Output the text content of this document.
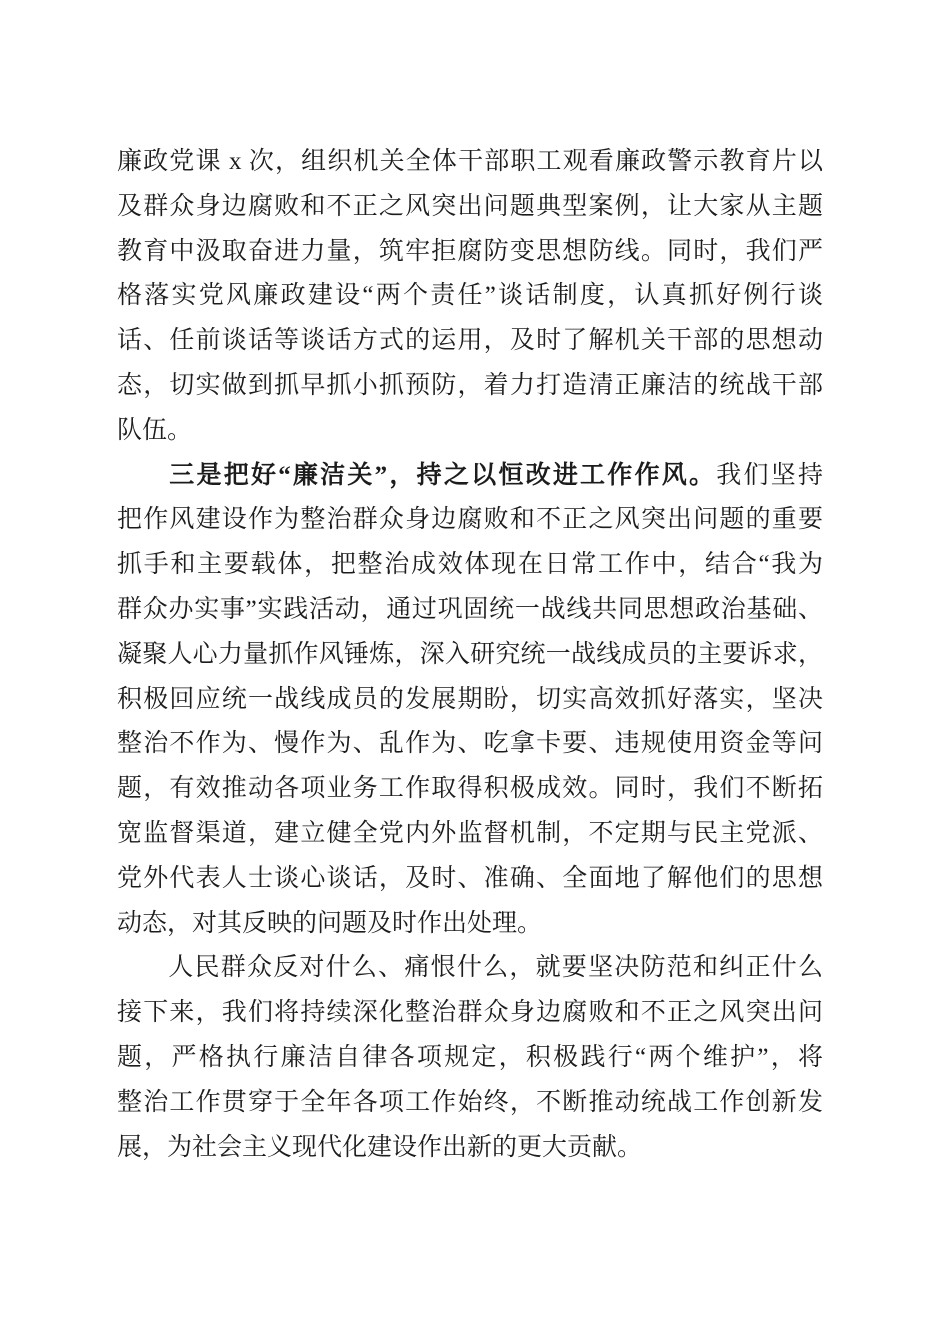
廉政党课 x 次，组织机关全体干部职工观看廉政警示教育片以
及群众身边腐败和不正之风突出问题典型案例，让大家从主题
教育中汲取奋进力量，筑牢拒腐防变思想防线。同时，我们严
格落实党风廉政建设“两个责任”谈话制度，认真抓好例行谈
话、任前谈话等谈话方式的运用，及时了解机关干部的思想动
态，切实做到抓早抓小抓预防，着力打造清正廉洁的统战干部
队伍。
三是把好“廉洁关”，持之以恒改进工作作风。我们坚持
把作风建设作为整治群众身边腐败和不正之风突出问题的重要
抓手和主要载体，把整治成效体现在日常工作中，结合“我为
群众办实事”实践活动，通过巩固统一战线共同思想政治基础、
凝聚人心力量抓作风锤炼，深入研究统一战线成员的主要诉求，
积极回应统一战线成员的发展期盼，切实高效抓好落实，坚决
整治不作为、慢作为、乱作为、吃拿卡要、违规使用资金等问
题，有效推动各项业务工作取得积极成效。同时，我们不断拓
宽监督渠道，建立健全党内外监督机制，不定期与民主党派、
党外代表人士谈心谈话，及时、准确、全面地了解他们的思想
动态，对其反映的问题及时作出处理。
人民群众反对什么、痛恨什么，就要坚决防范和纠正什么
接下来，我们将持续深化整治群众身边腐败和不正之风突出问
题，严格执行廉洁自律各项规定，积极践行“两个维护”，将
整治工作贯穿于全年各项工作始终，不断推动统战工作创新发
展，为社会主义现代化建设作出新的更大贡献。
